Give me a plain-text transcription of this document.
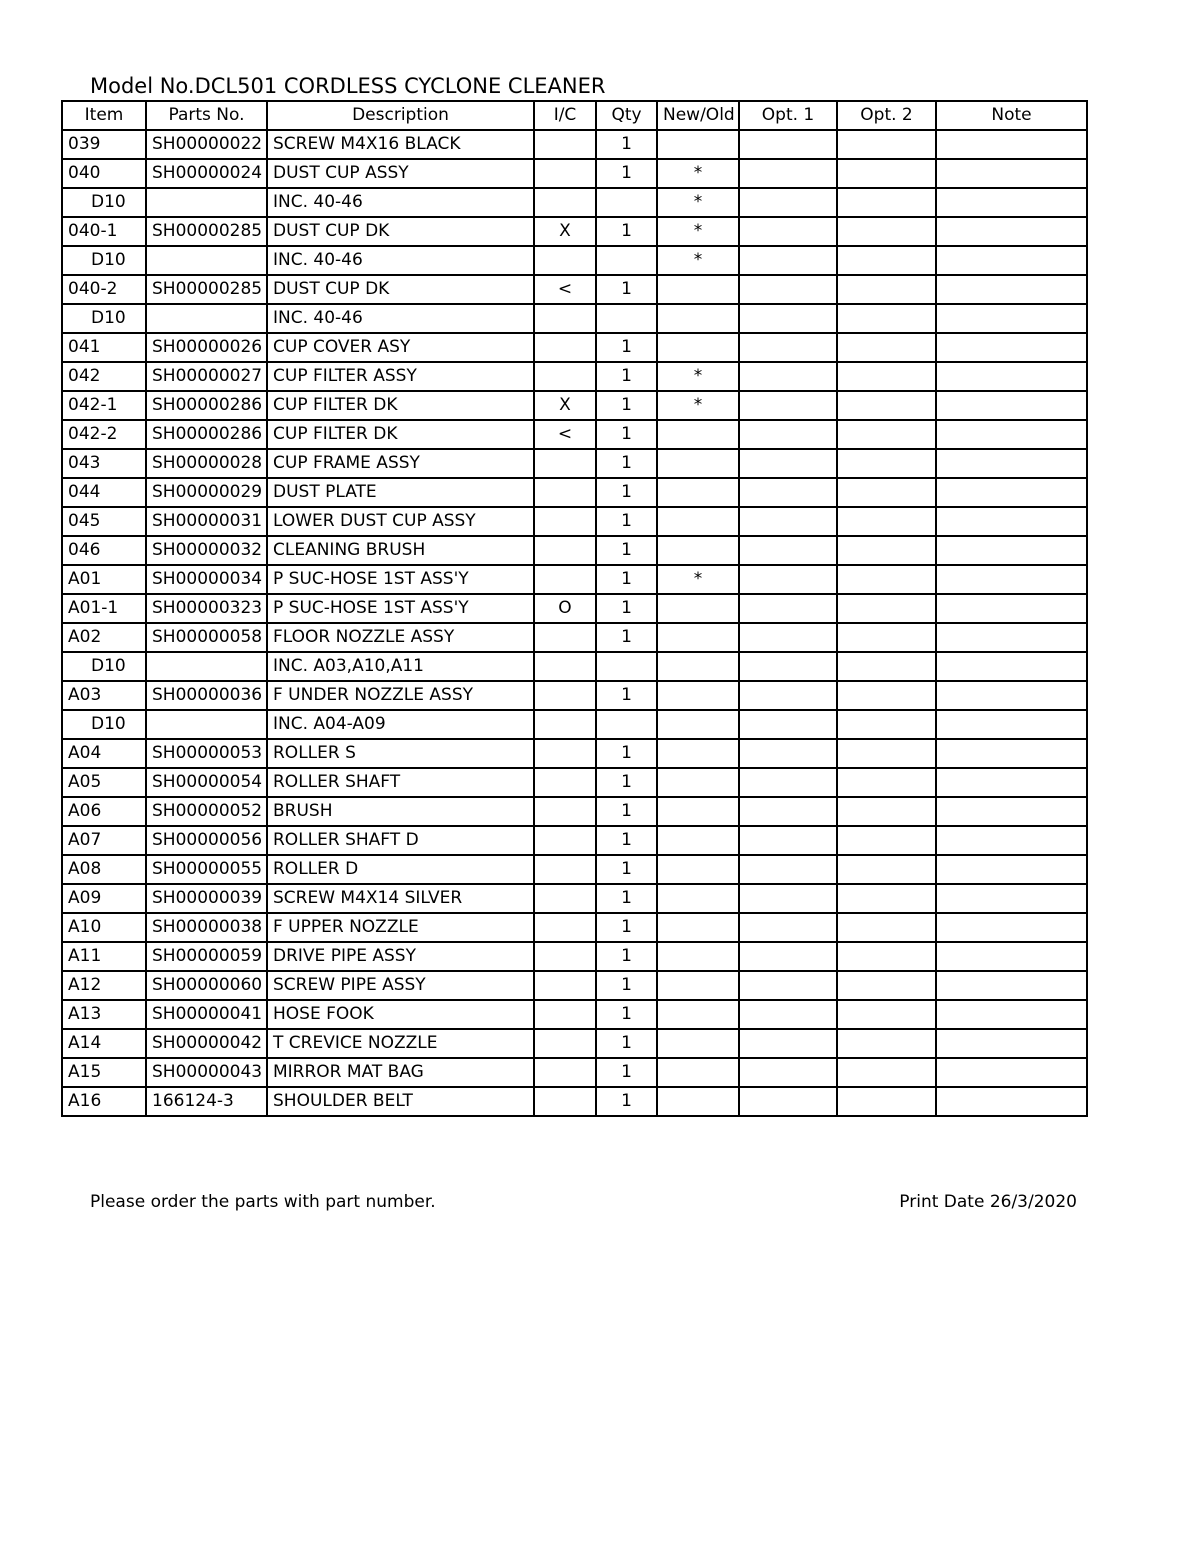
Model No.DCL501 CORDLESS CYCLONE CLEANER
Item	Parts No.	Description	I/C	Qty	New/Old	Opt. 1	Opt. 2	Note
039	SH00000022	SCREW M4X16 BLACK		1				
040	SH00000024	DUST CUP ASSY		1	*			
D10		INC. 40-46			*			
040-1	SH00000285	DUST CUP DK	X	1	*			
D10		INC. 40-46			*			
040-2	SH00000285	DUST CUP DK	<	1				
D10		INC. 40-46						
041	SH00000026	CUP COVER ASY		1				
042	SH00000027	CUP FILTER ASSY		1	*			
042-1	SH00000286	CUP FILTER DK	X	1	*			
042-2	SH00000286	CUP FILTER DK	<	1				
043	SH00000028	CUP FRAME ASSY		1				
044	SH00000029	DUST PLATE		1				
045	SH00000031	LOWER DUST CUP ASSY		1				
046	SH00000032	CLEANING BRUSH		1				
A01	SH00000034	P SUC-HOSE 1ST ASS'Y		1	*			
A01-1	SH00000323	P SUC-HOSE 1ST ASS'Y	O	1				
A02	SH00000058	FLOOR NOZZLE ASSY		1				
D10		INC. A03,A10,A11						
A03	SH00000036	F UNDER NOZZLE ASSY		1				
D10		INC. A04-A09						
A04	SH00000053	ROLLER S		1				
A05	SH00000054	ROLLER SHAFT		1				
A06	SH00000052	BRUSH		1				
A07	SH00000056	ROLLER SHAFT D		1				
A08	SH00000055	ROLLER D		1				
A09	SH00000039	SCREW M4X14 SILVER		1				
A10	SH00000038	F UPPER NOZZLE		1				
A11	SH00000059	DRIVE PIPE ASSY		1				
A12	SH00000060	SCREW PIPE ASSY		1				
A13	SH00000041	HOSE FOOK		1				
A14	SH00000042	T CREVICE NOZZLE		1				
A15	SH00000043	MIRROR MAT BAG		1				
A16	166124-3	SHOULDER BELT		1				
Please order the parts with part number.	Print Date 26/3/2020
